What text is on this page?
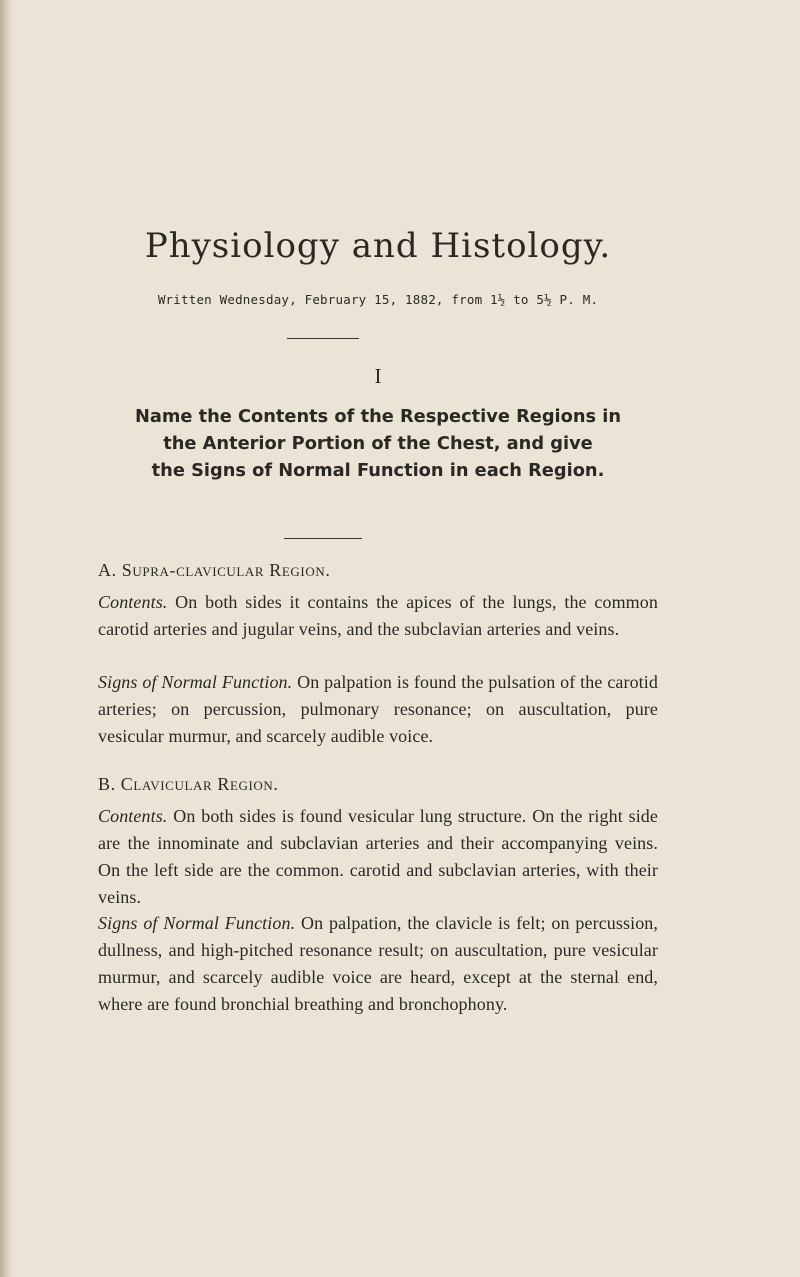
Physiology and Histology.
Written Wednesday, February 15, 1882, from 1½ to 5½ P. M.
I
Name the Contents of the Respective Regions in
the Anterior Portion of the Chest, and give
the Signs of Normal Function in each Region.
A. Supra-clavicular Region.
Contents. On both sides it contains the apices of the lungs, the common carotid arteries and jugular veins, and the subclavian arteries and veins.
Signs of Normal Function. On palpation is found the pulsation of the carotid arteries; on percussion, pulmonary resonance; on auscultation, pure vesicular murmur, and scarcely audible voice.
B. Clavicular Region.
Contents. On both sides is found vesicular lung structure. On the right side are the innominate and subclavian arteries and their accompanying veins. On the left side are the common. carotid and subclavian arteries, with their veins.
Signs of Normal Function. On palpation, the clavicle is felt; on percussion, dullness, and high-pitched resonance result; on auscultation, pure vesicular murmur, and scarcely audible voice are heard, except at the sternal end, where are found bronchial breathing and bronchophony.
